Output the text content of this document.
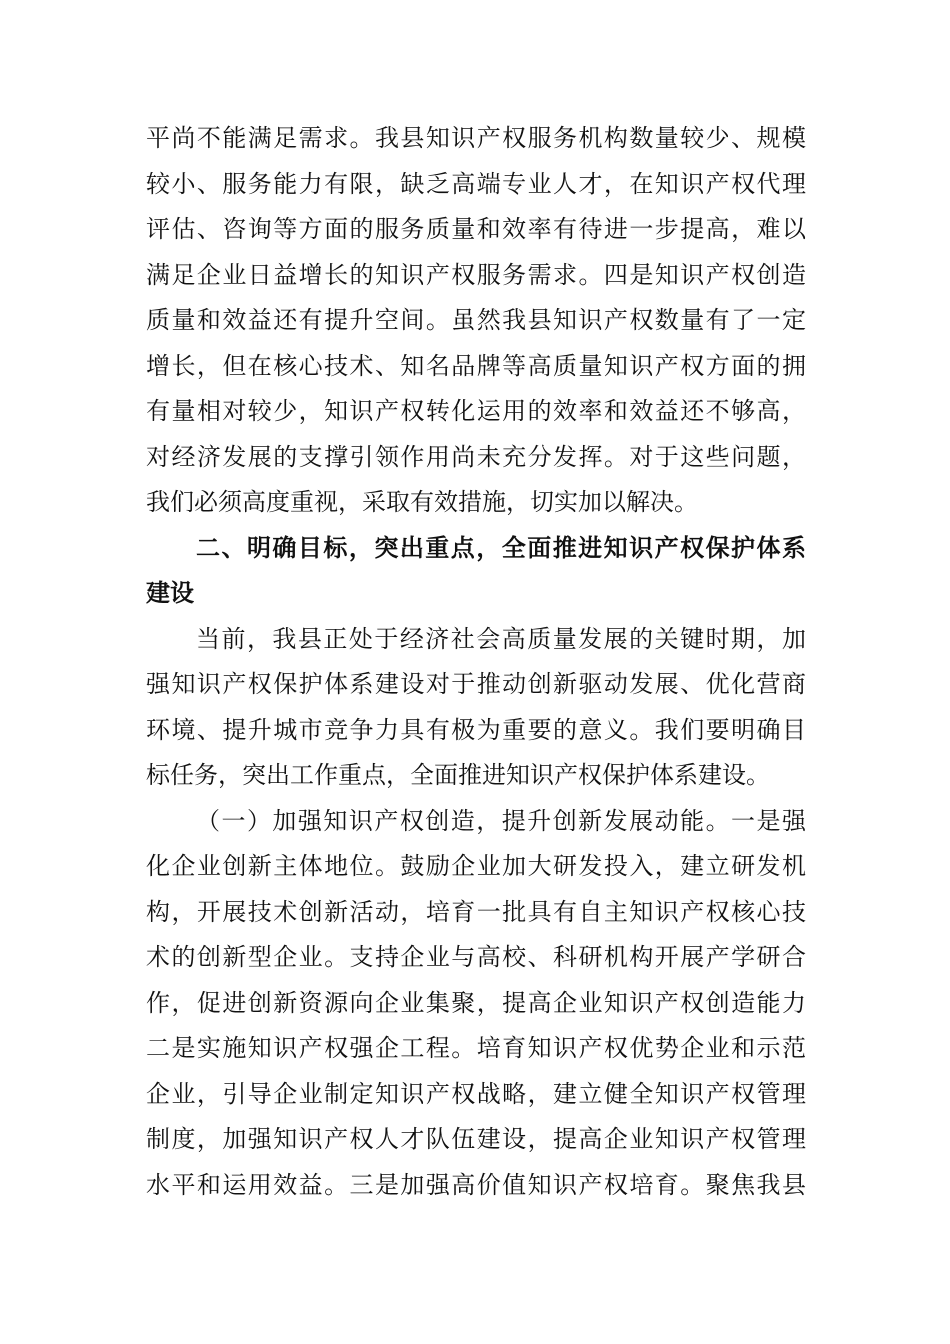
平尚不能满足需求。我县知识产权服务机构数量较少、规模
较小、服务能力有限，缺乏高端专业人才，在知识产权代理
评估、咨询等方面的服务质量和效率有待进一步提高，难以
满足企业日益增长的知识产权服务需求。四是知识产权创造
质量和效益还有提升空间。虽然我县知识产权数量有了一定
增长，但在核心技术、知名品牌等高质量知识产权方面的拥
有量相对较少，知识产权转化运用的效率和效益还不够高，
对经济发展的支撑引领作用尚未充分发挥。对于这些问题，
我们必须高度重视，采取有效措施，切实加以解决。
二、明确目标，突出重点，全面推进知识产权保护体系
建设
当前，我县正处于经济社会高质量发展的关键时期，加
强知识产权保护体系建设对于推动创新驱动发展、优化营商
环境、提升城市竞争力具有极为重要的意义。我们要明确目
标任务，突出工作重点，全面推进知识产权保护体系建设。
（一）加强知识产权创造，提升创新发展动能。一是强
化企业创新主体地位。鼓励企业加大研发投入，建立研发机
构，开展技术创新活动，培育一批具有自主知识产权核心技
术的创新型企业。支持企业与高校、科研机构开展产学研合
作，促进创新资源向企业集聚，提高企业知识产权创造能力
二是实施知识产权强企工程。培育知识产权优势企业和示范
企业，引导企业制定知识产权战略，建立健全知识产权管理
制度，加强知识产权人才队伍建设，提高企业知识产权管理
水平和运用效益。三是加强高价值知识产权培育。聚焦我县
